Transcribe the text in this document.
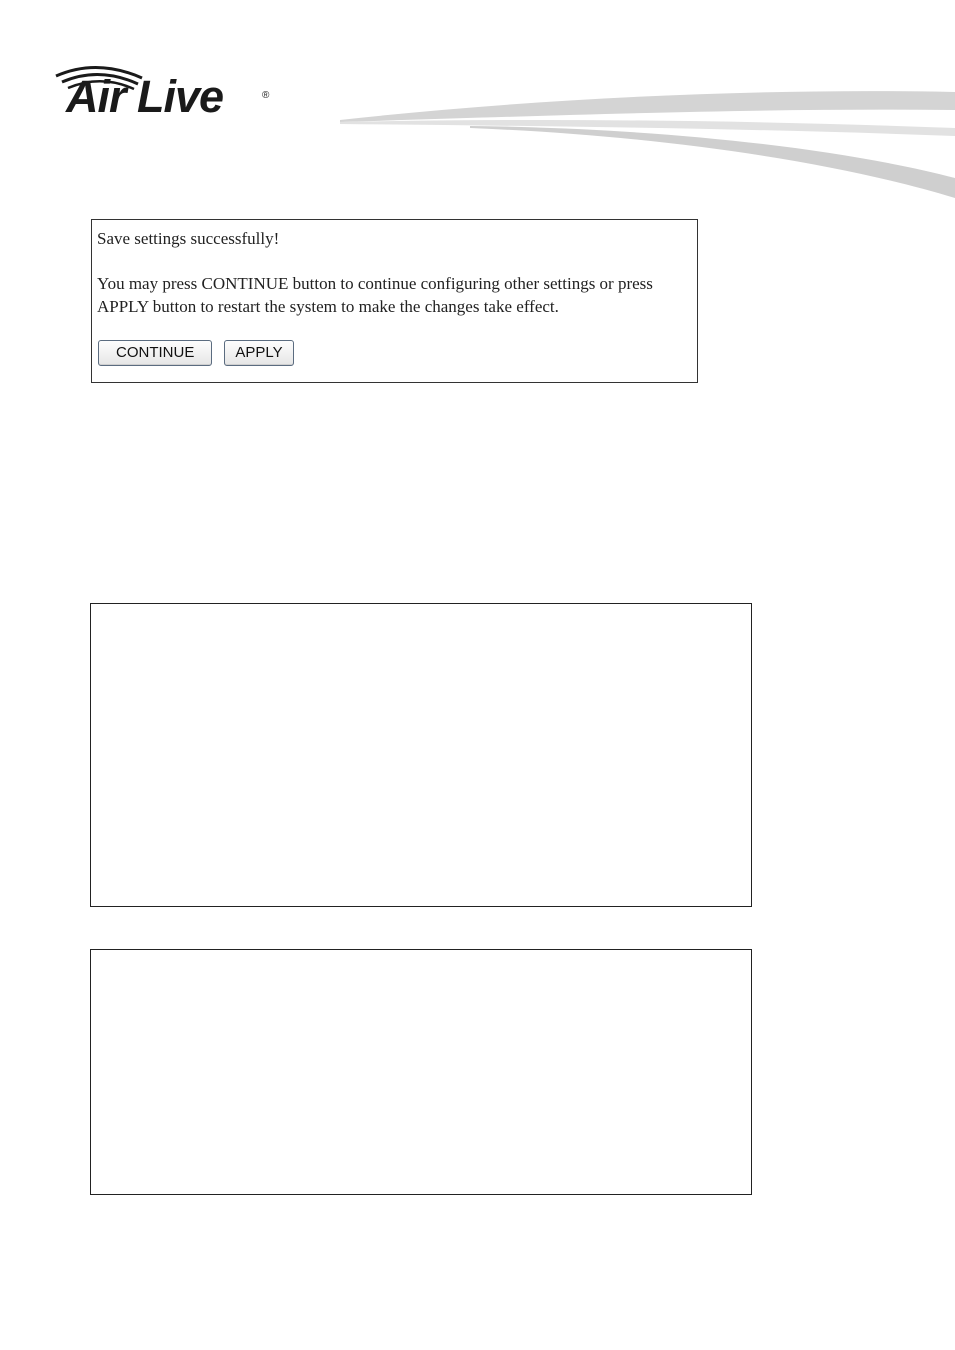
Air Live	®

Save settings successfully!

You may press CONTINUE button to continue configuring other settings or press APPLY button to restart the system to make the changes take effect.

CONTINUE	APPLY
